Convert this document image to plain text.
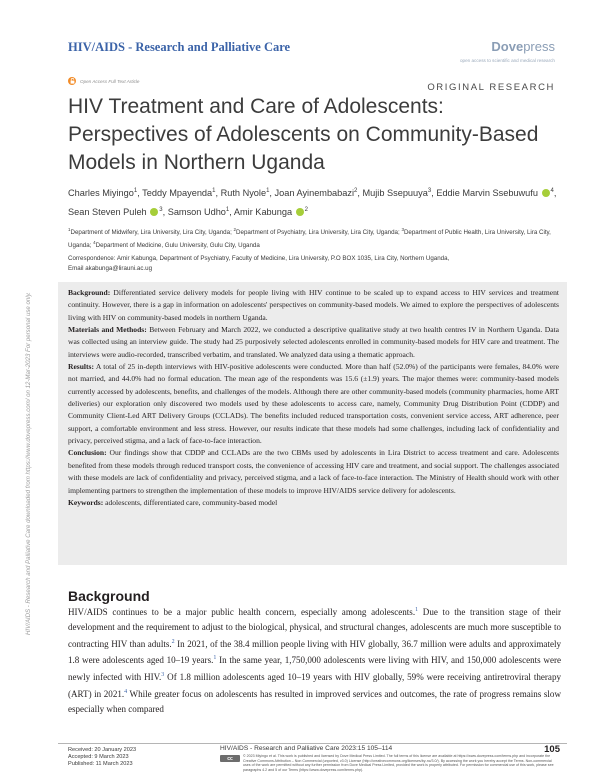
HIV/AIDS - Research and Palliative Care	Dovepress
open access to scientific and medical research
Open Access Full Text Article
ORIGINAL RESEARCH
HIV Treatment and Care of Adolescents: Perspectives of Adolescents on Community-Based Models in Northern Uganda
Charles Miyingo$^1$, Teddy Mpayenda$^1$, Ruth Nyole$^1$, Joan Ayinembabazi$^2$, Mujib Ssepuuya$^3$, Eddie Marvin Ssebuwufu $^4$, Sean Steven Puleh $^3$, Samson Udho$^1$, Amir Kabunga $^2$
$^1$Department of Midwifery, Lira University, Lira City, Uganda; $^2$Department of Psychiatry, Lira University, Lira City, Uganda; $^3$Department of Public Health, Lira University, Lira City, Uganda; $^4$Department of Medicine, Gulu University, Gulu City, Uganda
Correspondence: Amir Kabunga, Department of Psychiatry, Faculty of Medicine, Lira University, P.O BOX 1035, Lira City, Northern Uganda,
Email akabunga@lirauni.ac.ug

Background: Differentiated service delivery models for people living with HIV continue to be scaled up to expand access to HIV services and treatment continuity. However, there is a gap in information on adolescents' perspectives on community-based models. We aimed to explore the perspectives of adolescents living with HIV on community-based models in northern Uganda.

Materials and Methods: Between February and March 2022, we conducted a descriptive qualitative study at two health centres IV in Northern Uganda. Data was collected using an interview guide. The study had 25 purposively selected adolescents enrolled in community-based models for HIV care and treatment. The interviews were audio-recorded, transcribed verbatim, and translated. We analyzed data using a thematic approach.

Results: A total of 25 in-depth interviews with HIV-positive adolescents were conducted. More than half (52.0%) of the participants were females, 84.0% were not married, and 44.0% had no formal education. The mean age of the respondents was 15.6 (±1.9) years. The major themes were: community-based models currently accessed by adolescents, benefits, and challenges of the models. Although there are other community-based models (community pharmacies, home ART deliveries) our exploration only discovered two models used by these adolescents to access care, namely, Community Drug Distribution Point (CDDP) and Community Client-Led ART Delivery Groups (CCLADs). The benefits included reduced transportation costs, convenient service access, ART adherence, peer support, a comfortable environment and less stress. However, our results indicate that these models had some challenges, including lack of confidentiality and privacy, perceived stigma, and a lack of face-to-face interaction.

Conclusion: Our findings show that CDDP and CCLADs are the two CBMs used by adolescents in Lira District to access treatment and care. Adolescents benefited from these models through reduced transport costs, the convenience of accessing HIV care and treatment, and social support. The challenges associated with these models are lack of confidentiality and privacy, perceived stigma, and a lack of face-to-face interaction. The Ministry of Health should work with other implementing partners to strengthen the implementation of these models to improve HIV/AIDS service delivery for adolescents.

Keywords: adolescents, differentiated care, community-based model

Background
HIV/AIDS continues to be a major public health concern, especially among adolescents.$^1$ Due to the transition stage of their development and the requirement to adjust to the biological, physical, and structural changes, adolescents are much more susceptible to contracting HIV than adults.$^2$ In 2021, of the 38.4 million people living with HIV globally, 36.7 million were adults and approximately 1.8 were adolescents aged 10–19 years.$^1$ In the same year, 1,750,000 adolescents were living with HIV, and 150,000 adolescents were newly infected with HIV.$^3$ Of 1.8 million adolescents aged 10–19 years with HIV globally, 59% were receiving antiretroviral therapy (ART) in 2021.$^4$ While greater focus on adolescents has resulted in improved services and outcomes, the rate of progress remains slow especially when compared
HIV/AIDS - Research and Palliative Care downloaded from https://www.dovepress.com/ on 12-Mar-2023 For personal use only.
Received: 20 January 2023
Accepted: 9 March 2023
Published: 11 March 2023
HIV/AIDS - Research and Palliative Care 2023:15 105–114	105
cc	© 2023 Miyingo et al. This work is published and licensed by Dove Medical Press Limited. The full terms of this license are available at https://www.dovepress.com/terms.php and incorporate the Creative Commons Attribution – Non Commercial (unported, v3.0) License (http://creativecommons.org/licenses/by-nc/3.0/). By accessing the work you hereby accept the Terms. Non-commercial uses of the work are permitted without any further permission from Dove Medical Press Limited, provided the work is properly attributed. For permission for commercial use of this work, please see paragraphs 4.2 and 5 of our Terms (https://www.dovepress.com/terms.php).
